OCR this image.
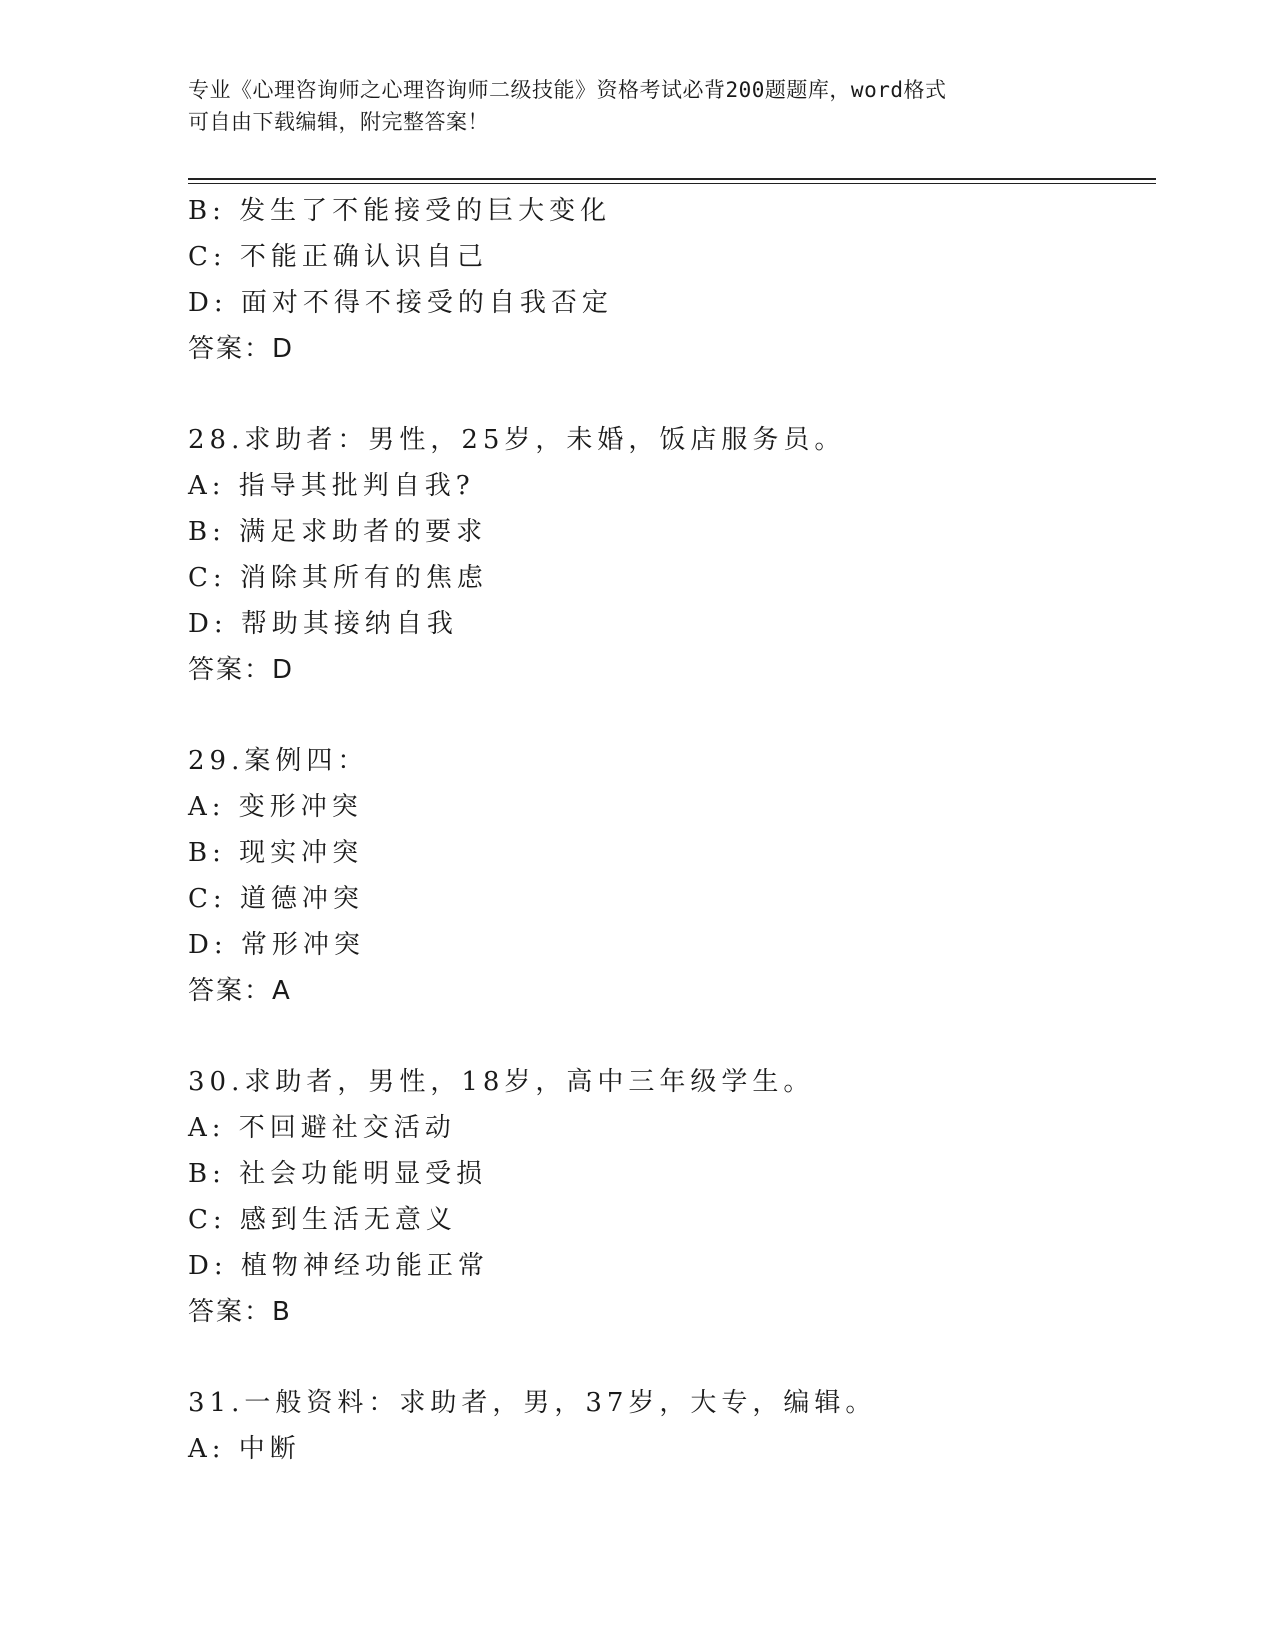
专业《心理咨询师之心理咨询师二级技能》资格考试必背200题题库，word格式
可自由下载编辑，附完整答案！
B: 发生了不能接受的巨大变化
C: 不能正确认识自己
D: 面对不得不接受的自我否定
答案：D
28.求助者：男性，25岁，未婚，饭店服务员。
A: 指导其批判自我?
B: 满足求助者的要求
C: 消除其所有的焦虑
D: 帮助其接纳自我
答案：D
29.案例四：
A: 变形冲突
B: 现实冲突
C: 道德冲突
D: 常形冲突
答案：A
30.求助者，男性，18岁，高中三年级学生。
A: 不回避社交活动
B: 社会功能明显受损
C: 感到生活无意义
D: 植物神经功能正常
答案：B
31.一般资料：求助者，男，37岁，大专，编辑。
A: 中断
